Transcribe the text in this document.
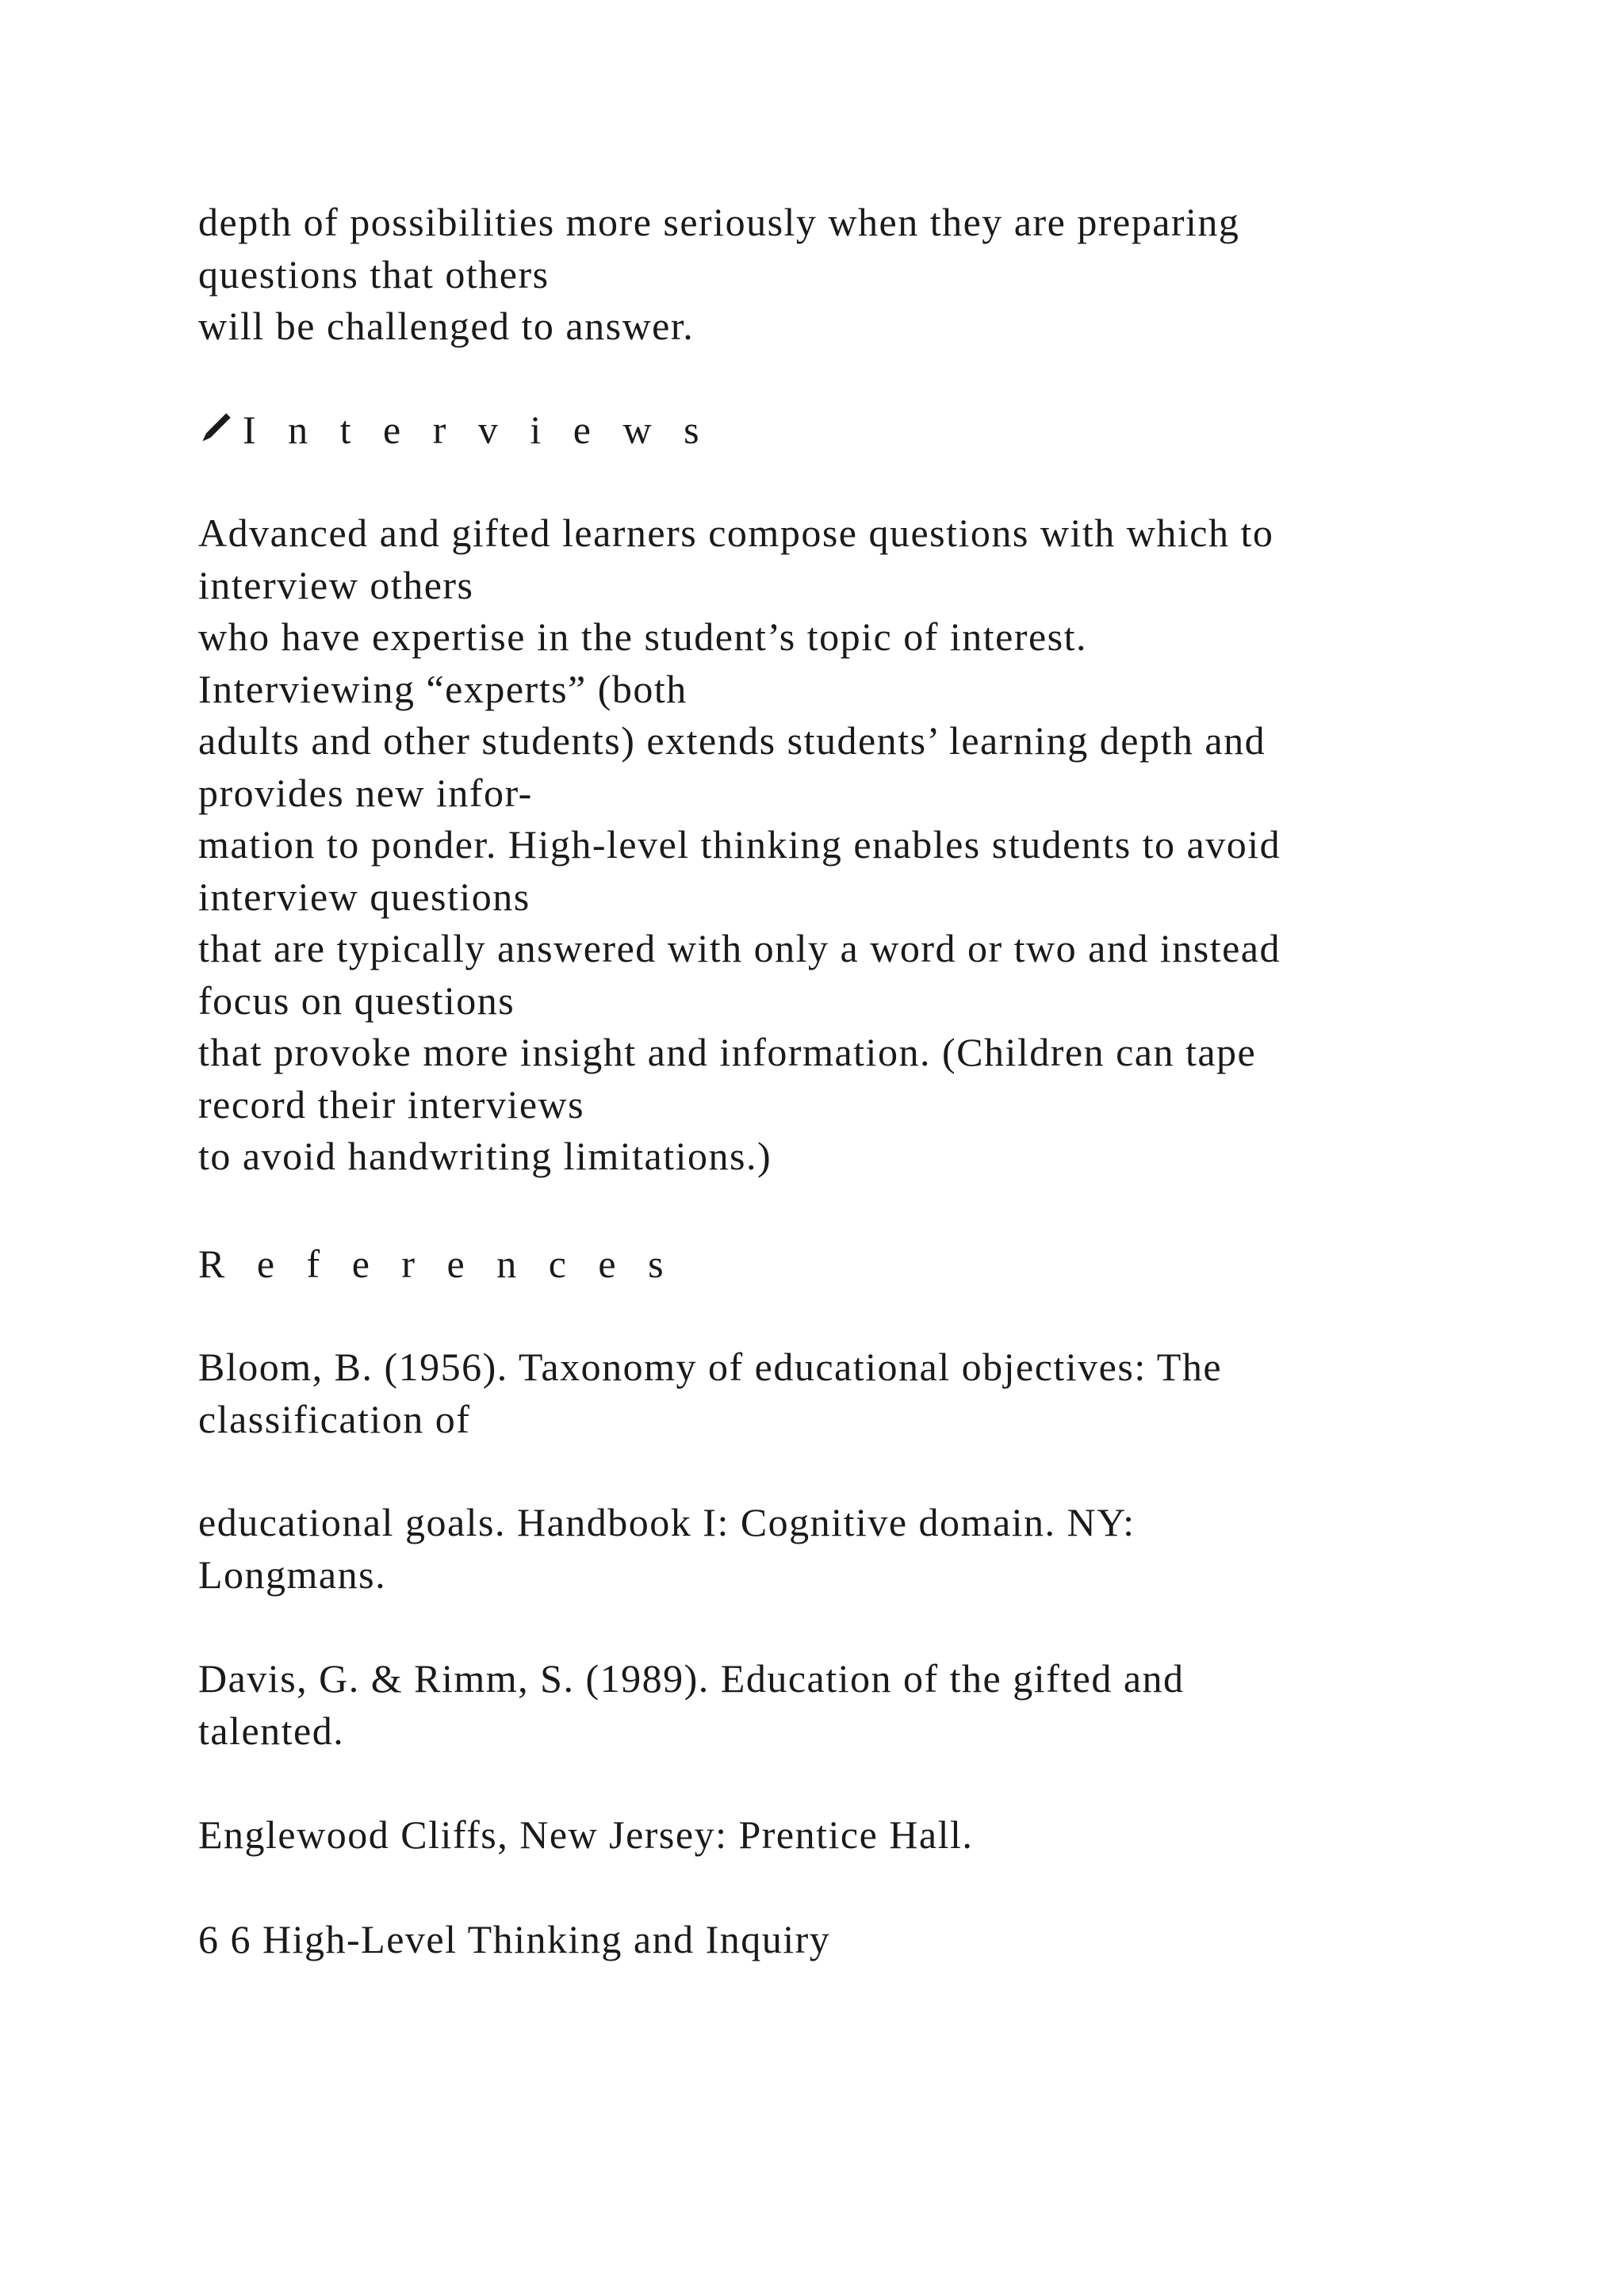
depth of possibilities more seriously when they are preparing
questions that others
will be challenged to answer.
I n t e r v i e w s
Advanced and gifted learners compose questions with which to
interview others
who have expertise in the student’s topic of interest.
Interviewing “experts” (both
adults and other students) extends students’ learning depth and
provides new infor-
mation to ponder. High-level thinking enables students to avoid
interview questions
that are typically answered with only a word or two and instead
focus on questions
that provoke more insight and information. (Children can tape
record their interviews
to avoid handwriting limitations.)
R e f e r e n c e s
Bloom, B. (1956). Taxonomy of educational objectives: The
classification of
educational goals. Handbook I: Cognitive domain. NY:
Longmans.
Davis, G. & Rimm, S. (1989). Education of the gifted and
talented.
Englewood Cliffs, New Jersey: Prentice Hall.
6 6 High-Level Thinking and Inquiry
